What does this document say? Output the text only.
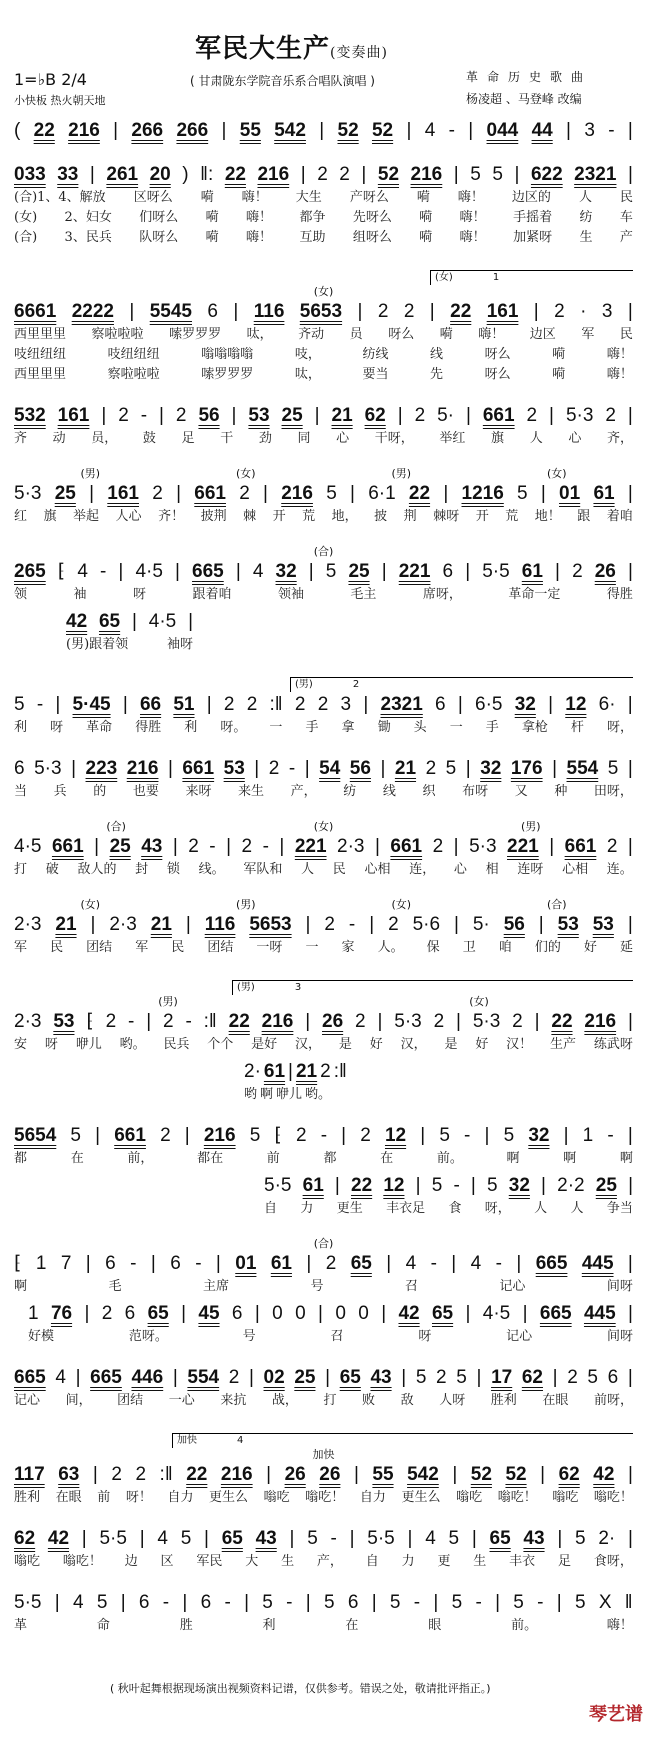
军民大生产(变奏曲)
1=♭B 2/4
小快板 热火朝天地
( 甘肃陇东学院音乐系合唱队演唱 )	革命历史歌曲
杨凌超 、马登峰 改编
( 22 216 | 266 266 | 55 542 | 52 52 | 4 - | 044 44 | 3 - |
033 33 | 261 20 ) ‖: 22 216 | 2 2 | 52 216 | 5 5 | 622 2321 |
(合)1、4、解放 区呀么 嗬 嗨！ 大生 产呀么 嗬 嗨！ 边区的 人 民
(女) 2、妇女 们呀么 嗬 嗨！ 都争 先呀么 嗬 嗨！ 手摇着 纺 车
(合) 3、民兵 队呀么 嗬 嗨！ 互助 组呀么 嗬 嗨！ 加紧呀 生 产
(女)	1
(女)
6661 2222 | 5545 6 | 116 5653 | 2 2 | 22 161 | 2 · 3 |
西里里里 察啦啦啦 嗦罗罗罗 呔， 齐动 员 呀么 嗬 嗨！ 边区 军 民
吱纽纽纽	吱纽纽纽	嗡嗡嗡嗡	吱，	纺线	线	呀么	嗬	嗨！
西里里里	察啦啦啦	嗦罗罗罗	呔，	要当	先	呀么	嗬	嗨！
532 161 | 2 - | 2 56 | 53 25 | 21 62 | 2 5· | 661 2 | 5·3 2 |
齐 动 员， 鼓 足 干 劲 同 心 干呀， 举红 旗 人 心 齐，
(男)	(女)	(男)	(女)
5·3 25 | 161 2 | 661 2 | 216 5 | 6·1 22 | 1216 5 | 01 61 |
红 旗 举起 人心 齐！ 披荆 棘 开 荒 地， 披 荆 棘呀 开 荒 地！ 跟 着咱
(合)
265 ⁅ 4 - | 4·5 | 665 | 4 32 | 5 25 | 221 6 | 5·5 61 | 2 26 |
领	袖	呀	跟着咱	领袖	毛主	席呀，	革命一定	得胜
42 65 | 4·5 |
(男)跟着领	袖呀
(男)	2
5 - | 5·45 | 66 51 | 2 2 :‖ 2 2 3 | 2321 6 | 6·5 32 | 12 6· |
利 呀 革命 得胜 利 呀。 一 手 拿 锄 头 一 手 拿枪 杆 呀，
6 5·3 | 223 216 | 661 53 | 2 - | 54 56 | 21 2 5 | 32 176 | 554 5 |
当 兵 的 也要 来呀 来生 产， 纺 线 织 布呀 又 种 田呀，
(合)	(女)	(男)
4·5 661 | 25 43 | 2 - | 2 - | 221 2·3 | 661 2 | 5·3 221 | 661 2 |
打 破 敌人的 封 锁 线。 军队和 人 民 心相 连， 心 相 连呀 心相 连。
(女)	(男)	(女)	(合)
2·3 21 | 2·3 21 | 116 5653 | 2 - | 2 5·6 | 5· 56 | 53 53 |
军 民 团结 军 民 团结 一呀 一 家 人。 保 卫 咱 们的 好 延
(男)	3
(男)	(女)
2·3 53 ⁅ 2 - | 2 - :‖ 22 216 | 26 2 | 5·3 2 | 5·3 2 | 22 216 |
安 呀 咿儿 哟。 民兵 个个 是好 汉， 是 好 汉， 是 好 汉！ 生产 练武呀
2· 61 | 21 2 :‖
哟 啊 咿儿 哟。
5654 5 | 661 2 | 216 5 ⁅ 2 - | 2 12 | 5 - | 5 32 | 1 - |
都	在	前，	都在	前	都	在	前。	啊	啊	啊
5·5 61 | 22 12 | 5 - | 5 32 | 2·2 25 |
自 力 更生 丰衣足 食 呀， 人 人 争当
(合)
⁅ 1 7 | 6 - | 6 - | 01 61 | 2 65 | 4 - | 4 - | 665 445 |
啊	毛	主席	号	召	记心	间呀
1 76 | 2 6 65 | 45 6 | 0 0 | 0 0 | 42 65 | 4·5 | 665 445 |
好模	范呀。	号	召	呀	记心	间呀
665 4 | 665 446 | 554 2 | 02 25 | 65 43 | 5 2 5 | 17 62 | 2 5 6 |
记心 间， 团结 一心 来抗 战， 打 败 敌 人呀 胜利 在眼 前呀，
加快	4
加快
117 63 | 2 2 :‖ 22 216 | 26 26 | 55 542 | 52 52 | 62 42 |
胜利 在眼 前 呀！ 自力 更生么 嗡吃 嗡吃！ 自力 更生么 嗡吃 嗡吃！ 嗡吃 嗡吃！
62 42 | 5·5 | 4 5 | 65 43 | 5 - | 5·5 | 4 5 | 65 43 | 5 2· |
嗡吃 嗡吃！ 边 区 军民 大 生 产， 自 力 更 生 丰衣 足 食呀，
5·5 | 4 5 | 6 - | 6 - | 5 - | 5 6 | 5 - | 5 - | 5 - | 5 X ‖
革	命	胜	利	在	眼	前。	嗨！
( 秋叶起舞根据现场演出视频资料记谱，仅供参考。错误之处，敬请批评指正。)
琴艺谱
